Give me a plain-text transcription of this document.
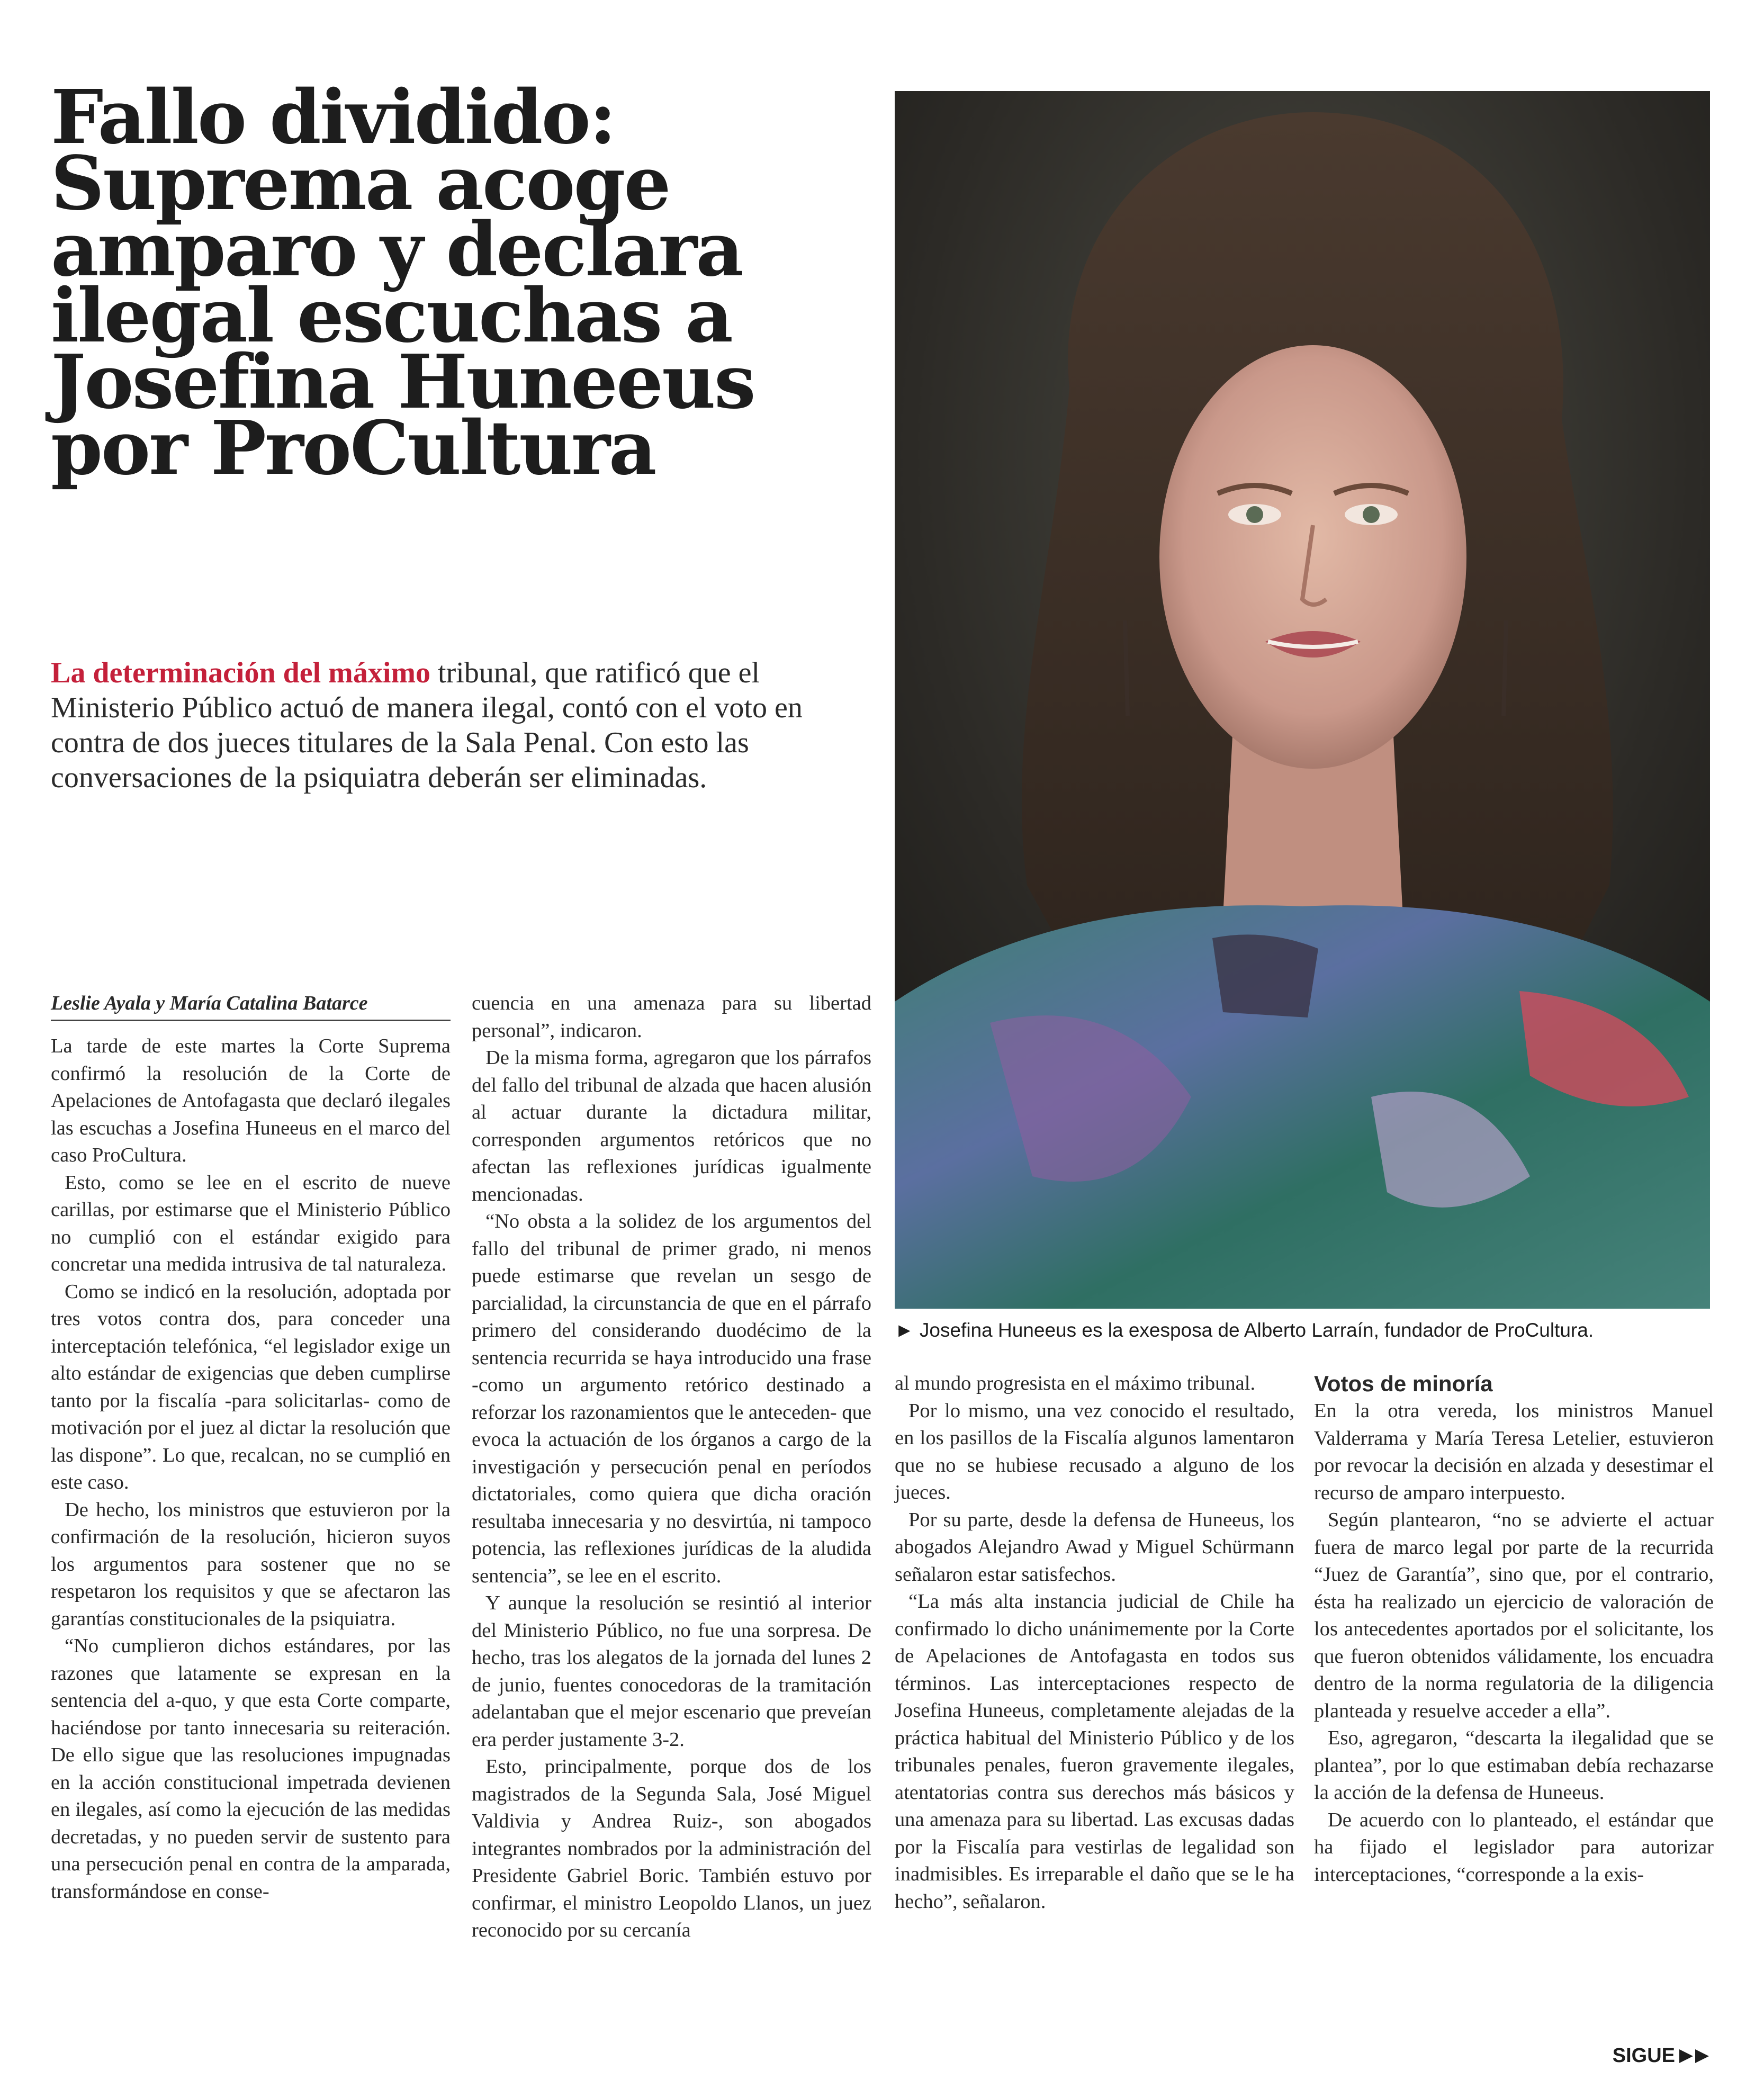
Fallo dividido:
Suprema acoge
amparo y declara
ilegal escuchas a
Josefina Huneeus
por ProCultura

La determinación del máximo tribunal, que ratificó que el Ministerio Público actuó de manera ilegal, contó con el voto en contra de dos jueces titulares de la Sala Penal. Con esto las conversaciones de la psiquiatra deberán ser eliminadas.

► Josefina Huneeus es la exesposa de Alberto Larraín, fundador de ProCultura.
Leslie Ayala y María Catalina Batarce

La tarde de este martes la Corte Suprema confirmó la resolución de la Corte de Apelaciones de Antofagasta que declaró ilegales las escuchas a Josefina Huneeus en el marco del caso ProCultura.

Esto, como se lee en el escrito de nueve carillas, por estimarse que el Ministerio Público no cumplió con el estándar exigido para concretar una medida intrusiva de tal naturaleza.

Como se indicó en la resolución, adoptada por tres votos contra dos, para conceder una interceptación telefónica, “el legislador exige un alto estándar de exigencias que deben cumplirse tanto por la fiscalía -para solicitarlas- como de motivación por el juez al dictar la resolución que las dispone”. Lo que, recalcan, no se cumplió en este caso.

De hecho, los ministros que estuvieron por la confirmación de la resolución, hicieron suyos los argumentos para sostener que no se respetaron los requisitos y que se afectaron las garantías constitucionales de la psiquiatra.

“No cumplieron dichos estándares, por las razones que latamente se expresan en la sentencia del a-quo, y que esta Corte comparte, haciéndose por tanto innecesaria su reiteración. De ello sigue que las resoluciones impugnadas en la acción constitucional impetrada devienen en ilegales, así como la ejecución de las medidas decretadas, y no pueden servir de sustento para una persecución penal en contra de la amparada, transformándose en conse-

cuencia en una amenaza para su libertad personal”, indicaron.

De la misma forma, agregaron que los párrafos del fallo del tribunal de alzada que hacen alusión al actuar durante la dictadura militar, corresponden argumentos retóricos que no afectan las reflexiones jurídicas igualmente mencionadas.

“No obsta a la solidez de los argumentos del fallo del tribunal de primer grado, ni menos puede estimarse que revelan un sesgo de parcialidad, la circunstancia de que en el párrafo primero del considerando duodécimo de la sentencia recurrida se haya introducido una frase -como un argumento retórico destinado a reforzar los razonamientos que le anteceden- que evoca la actuación de los órganos a cargo de la investigación y persecución penal en períodos dictatoriales, como quiera que dicha oración resultaba innecesaria y no desvirtúa, ni tampoco potencia, las reflexiones jurídicas de la aludida sentencia”, se lee en el escrito.

Y aunque la resolución se resintió al interior del Ministerio Público, no fue una sorpresa. De hecho, tras los alegatos de la jornada del lunes 2 de junio, fuentes conocedoras de la tramitación adelantaban que el mejor escenario que preveían era perder justamente 3-2.

Esto, principalmente, porque dos de los magistrados de la Segunda Sala, José Miguel Valdivia y Andrea Ruiz-, son abogados integrantes nombrados por la administración del Presidente Gabriel Boric. También estuvo por confirmar, el ministro Leopoldo Llanos, un juez reconocido por su cercanía

al mundo progresista en el máximo tribunal.

Por lo mismo, una vez conocido el resultado, en los pasillos de la Fiscalía algunos lamentaron que no se hubiese recusado a alguno de los jueces.

Por su parte, desde la defensa de Huneeus, los abogados Alejandro Awad y Miguel Schürmann señalaron estar satisfechos.

“La más alta instancia judicial de Chile ha confirmado lo dicho unánimemente por la Corte de Apelaciones de Antofagasta en todos sus términos. Las interceptaciones respecto de Josefina Huneeus, completamente alejadas de la práctica habitual del Ministerio Público y de los tribunales penales, fueron gravemente ilegales, atentatorias contra sus derechos más básicos y una amenaza para su libertad. Las excusas dadas por la Fiscalía para vestirlas de legalidad son inadmisibles. Es irreparable el daño que se le ha hecho”, señalaron.

Votos de minoría

En la otra vereda, los ministros Manuel Valderrama y María Teresa Letelier, estuvieron por revocar la decisión en alzada y desestimar el recurso de amparo interpuesto.

Según plantearon, “no se advierte el actuar fuera de marco legal por parte de la recurrida “Juez de Garantía”, sino que, por el contrario, ésta ha realizado un ejercicio de valoración de los antecedentes aportados por el solicitante, los que fueron obtenidos válidamente, los encuadra dentro de la norma regulatoria de la diligencia planteada y resuelve acceder a ella”.

Eso, agregaron, “descarta la ilegalidad que se plantea”, por lo que estimaban debía rechazarse la acción de la defensa de Huneeus.

De acuerdo con lo planteado, el estándar que ha fijado el legislador para autorizar interceptaciones, “corresponde a la exis-

SIGUE
